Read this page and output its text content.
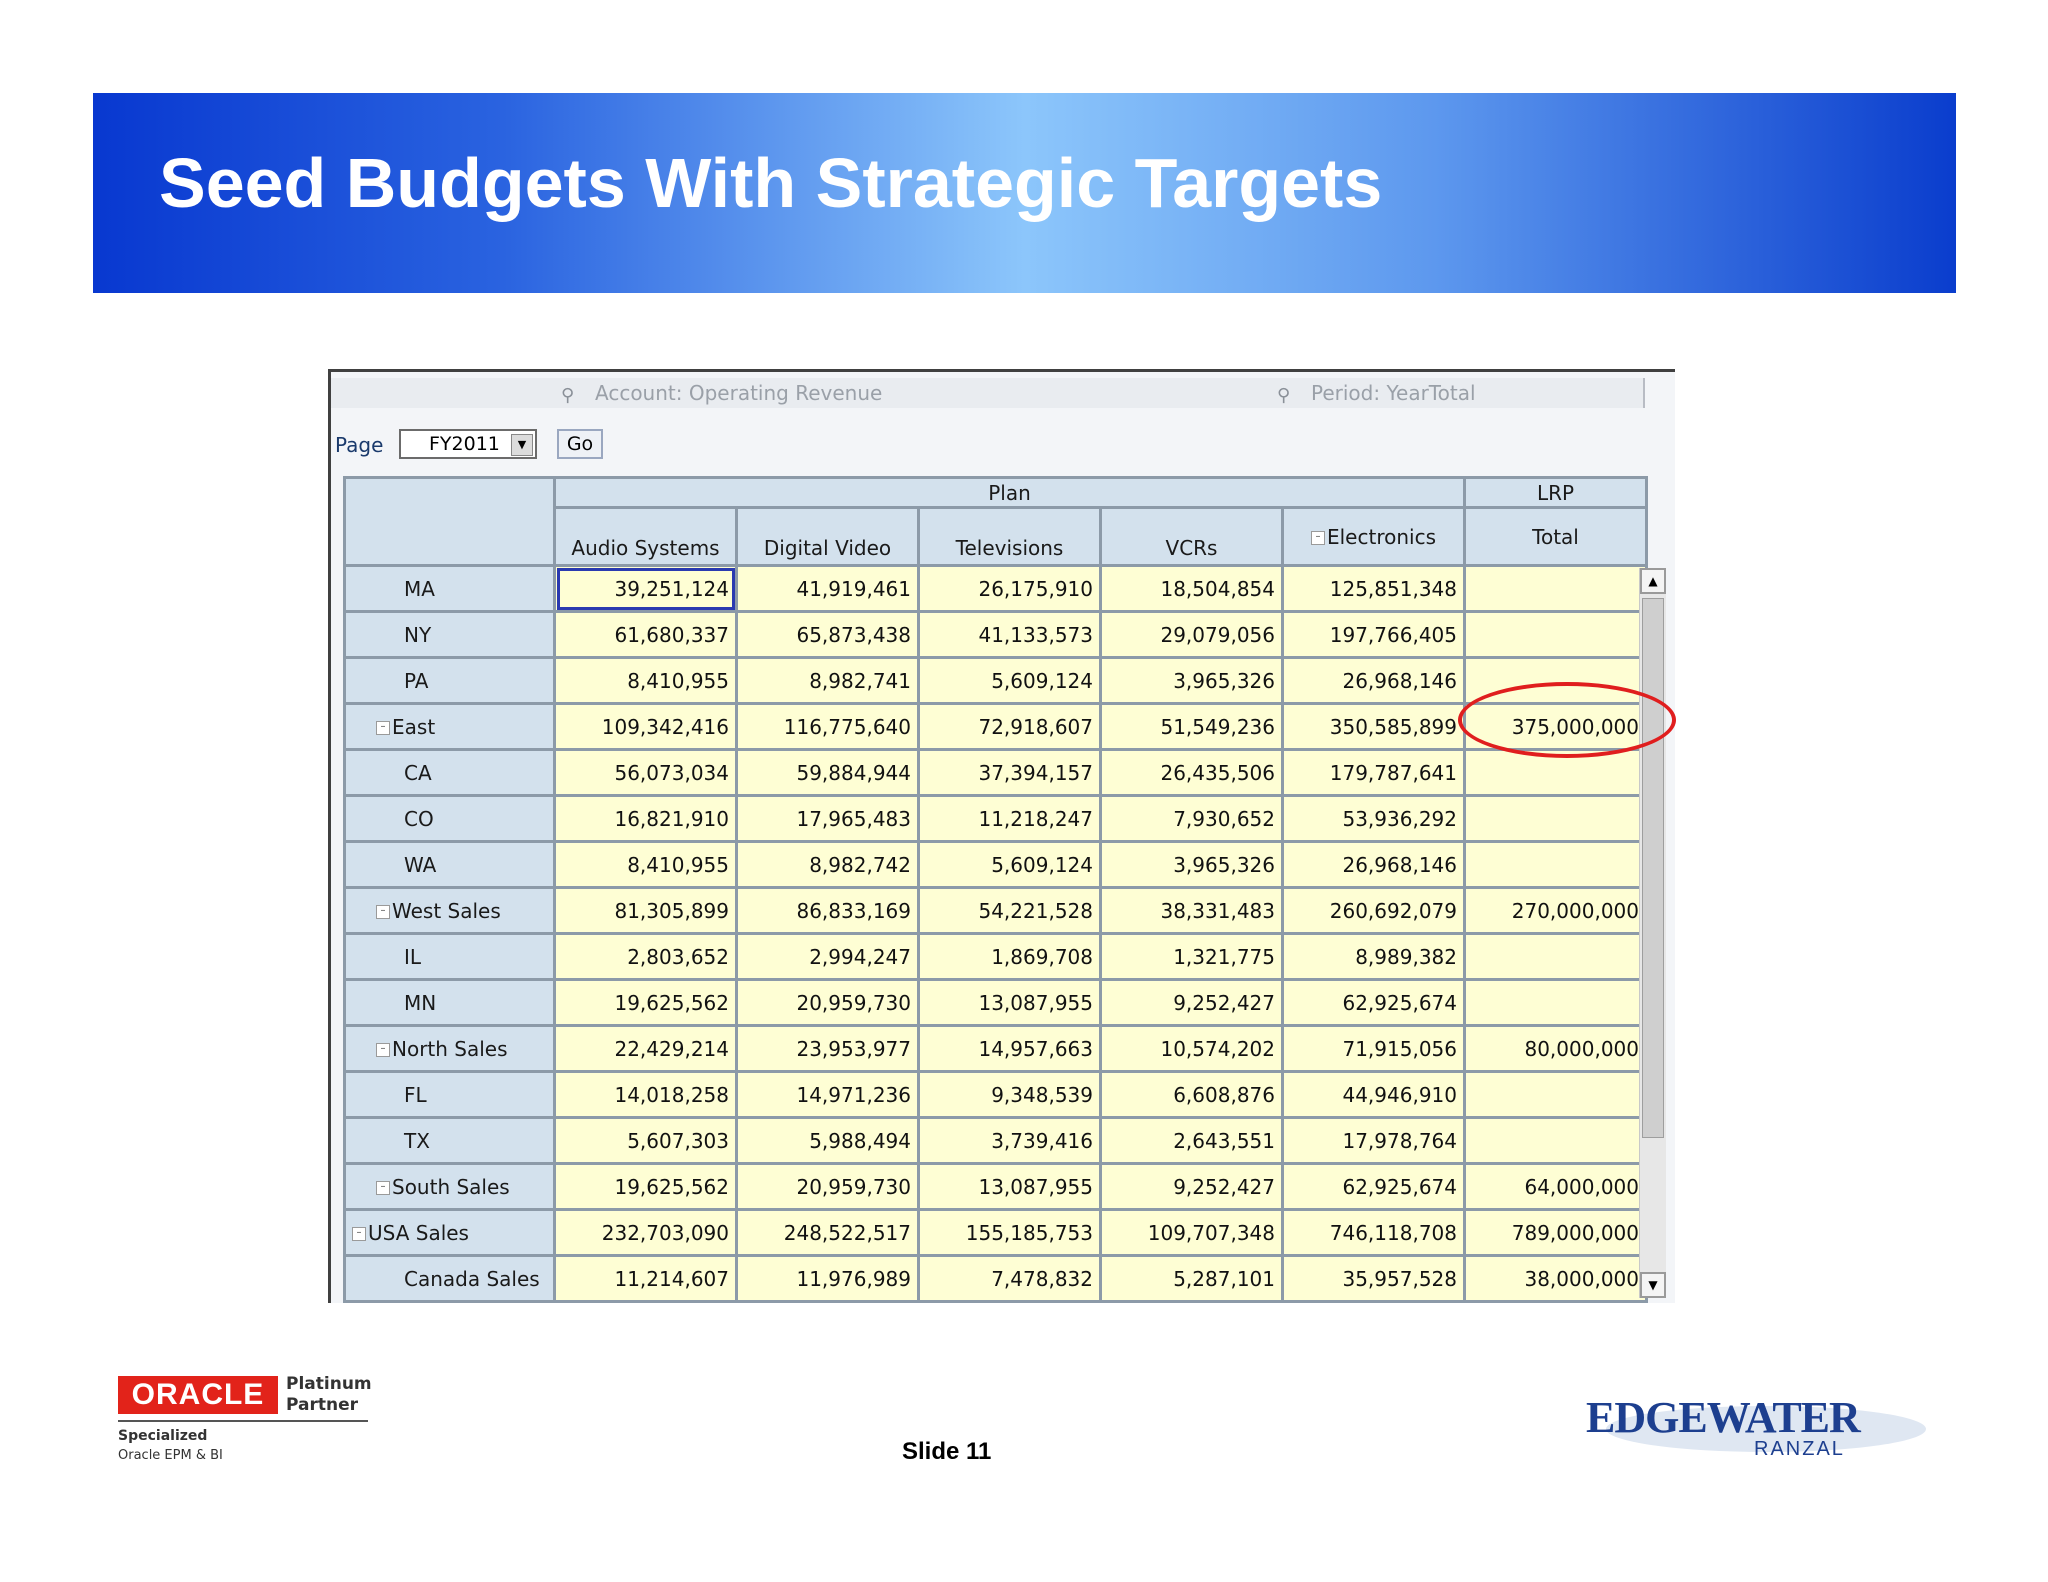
Seed Budgets With Strategic Targets
⚲	Account: Operating Revenue	⚲	Period: YearTotal
Page	FY2011	▼	Go
	Plan					LRP
	Audio Systems	Digital Video	Televisions	VCRs	– Electronics	Total
MA	39,251,124	41,919,461	26,175,910	18,504,854	125,851,348	
NY	61,680,337	65,873,438	41,133,573	29,079,056	197,766,405	
PA	8,410,955	8,982,741	5,609,124	3,965,326	26,968,146	
– East	109,342,416	116,775,640	72,918,607	51,549,236	350,585,899	375,000,000
CA	56,073,034	59,884,944	37,394,157	26,435,506	179,787,641	
CO	16,821,910	17,965,483	11,218,247	7,930,652	53,936,292	
WA	8,410,955	8,982,742	5,609,124	3,965,326	26,968,146	
– West Sales	81,305,899	86,833,169	54,221,528	38,331,483	260,692,079	270,000,000
IL	2,803,652	2,994,247	1,869,708	1,321,775	8,989,382	
MN	19,625,562	20,959,730	13,087,955	9,252,427	62,925,674	
– North Sales	22,429,214	23,953,977	14,957,663	10,574,202	71,915,056	80,000,000
FL	14,018,258	14,971,236	9,348,539	6,608,876	44,946,910	
TX	5,607,303	5,988,494	3,739,416	2,643,551	17,978,764	
– South Sales	19,625,562	20,959,730	13,087,955	9,252,427	62,925,674	64,000,000
– USA Sales	232,703,090	248,522,517	155,185,753	109,707,348	746,118,708	789,000,000
Canada Sales	11,214,607	11,976,989	7,478,832	5,287,101	35,957,528	38,000,000
▲
▼
ORACLE	Platinum
Partner
Specialized
Oracle EPM & BI	Slide 11
EDGEWATER
RANZAL
